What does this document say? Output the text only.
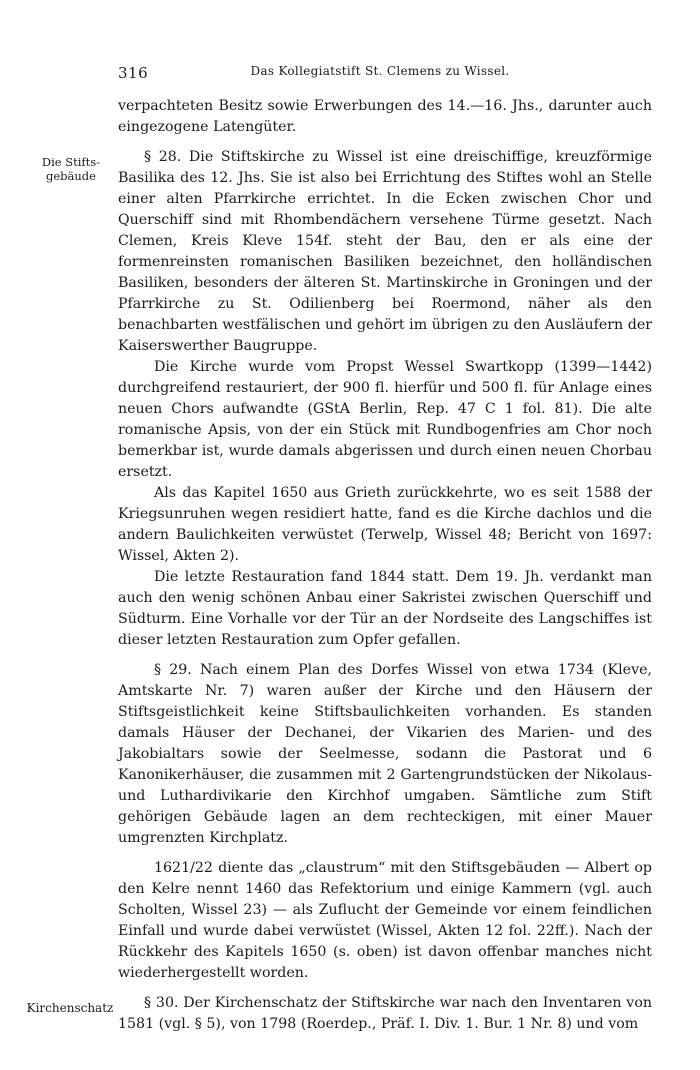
316	Das Kollegiatstift St. Clemens zu Wissel.
Die Stifts-
gebäude
Kirchenschatz

verpachteten Besitz sowie Erwerbungen des 14.—16. Jhs., darunter auch eingezogene Latengüter.

§ 28. Die Stiftskirche zu Wissel ist eine dreischiffige, kreuzförmige Basilika des 12. Jhs. Sie ist also bei Errichtung des Stiftes wohl an Stelle einer alten Pfarrkirche errichtet. In die Ecken zwischen Chor und Querschiff sind mit Rhombendächern versehene Türme gesetzt. Nach Clemen, Kreis Kleve 154f. steht der Bau, den er als eine der formenreinsten romanischen Basiliken bezeichnet, den holländischen Basiliken, besonders der älteren St. Martinskirche in Groningen und der Pfarrkirche zu St. Odilienberg bei Roermond, näher als den benachbarten westfälischen und gehört im übrigen zu den Ausläufern der Kaiserswerther Baugruppe.

Die Kirche wurde vom Propst Wessel Swartkopp (1399—1442) durchgreifend restauriert, der 900 fl. hierfür und 500 fl. für Anlage eines neuen Chors aufwandte (GStA Berlin, Rep. 47 C 1 fol. 81). Die alte romanische Apsis, von der ein Stück mit Rundbogenfries am Chor noch bemerkbar ist, wurde damals abgerissen und durch einen neuen Chorbau ersetzt.

Als das Kapitel 1650 aus Grieth zurückkehrte, wo es seit 1588 der Kriegsunruhen wegen residiert hatte, fand es die Kirche dachlos und die andern Baulichkeiten verwüstet (Terwelp, Wissel 48; Bericht von 1697: Wissel, Akten 2).

Die letzte Restauration fand 1844 statt. Dem 19. Jh. verdankt man auch den wenig schönen Anbau einer Sakristei zwischen Querschiff und Südturm. Eine Vorhalle vor der Tür an der Nordseite des Langschiffes ist dieser letzten Restauration zum Opfer gefallen.

§ 29. Nach einem Plan des Dorfes Wissel von etwa 1734 (Kleve, Amtskarte Nr. 7) waren außer der Kirche und den Häusern der Stiftsgeistlichkeit keine Stiftsbaulichkeiten vorhanden. Es standen damals Häuser der Dechanei, der Vikarien des Marien- und des Jakobialtars sowie der Seelmesse, sodann die Pastorat und 6 Kanonikerhäuser, die zusammen mit 2 Gartengrundstücken der Nikolaus- und Luthardivikarie den Kirchhof umgaben. Sämtliche zum Stift gehörigen Gebäude lagen an dem rechteckigen, mit einer Mauer umgrenzten Kirchplatz.

1621/22 diente das „claustrum“ mit den Stiftsgebäuden — Albert op den Kelre nennt 1460 das Refektorium und einige Kammern (vgl. auch Scholten, Wissel 23) — als Zuflucht der Gemeinde vor einem feindlichen Einfall und wurde dabei verwüstet (Wissel, Akten 12 fol. 22ff.). Nach der Rückkehr des Kapitels 1650 (s. oben) ist davon offenbar manches nicht wiederhergestellt worden.

§ 30. Der Kirchenschatz der Stiftskirche war nach den Inventaren von 1581 (vgl. § 5), von 1798 (Roerdep., Präf. I. Div. 1. Bur. 1 Nr. 8) und vom
